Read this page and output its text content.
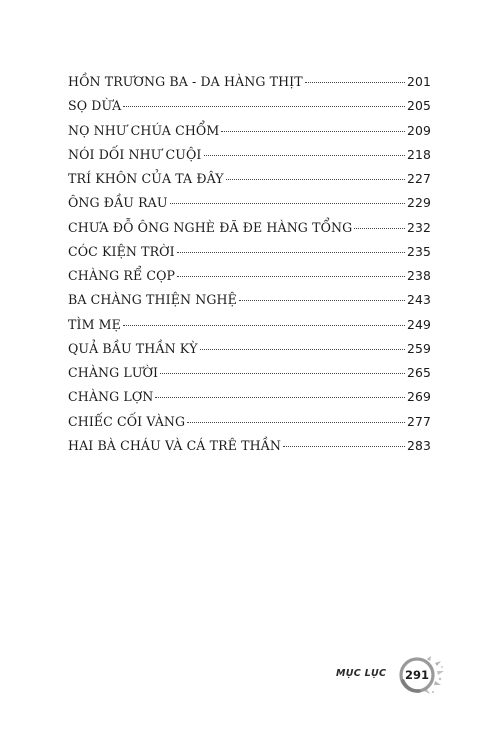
HỒN TRƯƠNG BA - DA HÀNG THỊT	201
SỌ DỪA	205
NỌ NHƯ CHÚA CHỔM	209
NÓI DỐI NHƯ CUỘI	218
TRÍ KHÔN CỦA TA ĐÂY	227
ÔNG ĐẦU RAU	229
CHƯA ĐỖ ÔNG NGHÈ ĐÃ ĐE HÀNG TỔNG	232
CÓC KIỆN TRỜI	235
CHÀNG RỂ CỌP	238
BA CHÀNG THIỆN NGHỆ	243
TÌM MẸ	249
QUẢ BẦU THẦN KỲ	259
CHÀNG LƯỜI	265
CHÀNG LỢN	269
CHIẾC CỐI VÀNG	277
HAI BÀ CHÁU VÀ CÁ TRÊ THẦN	283
MỤC LỤC	291
